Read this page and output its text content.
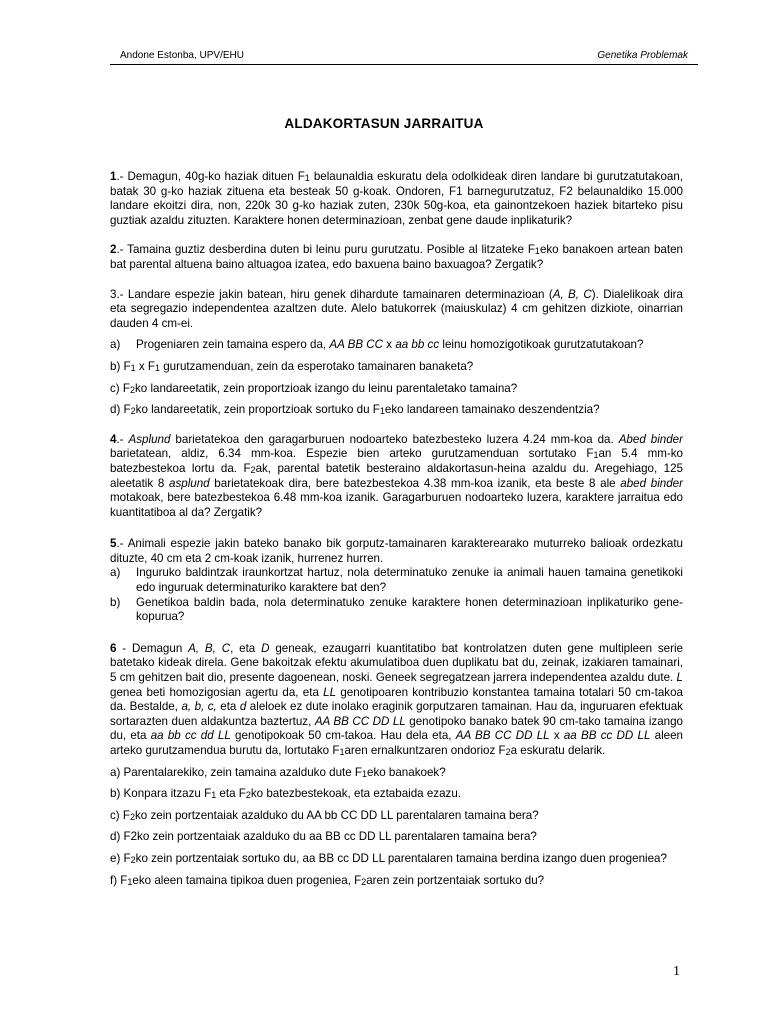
Andone Estonba, UPV/EHU	Genetika Problemak
ALDAKORTASUN JARRAITUA

1.- Demagun, 40g-ko haziak dituen $F_1$ belaunaldia eskuratu dela odolkideak diren landare bi gurutzatutakoan, batak 30 g-ko haziak zituena eta besteak 50 g-koak. Ondoren, F1 barnegurutzatuz, F2 belaunaldiko 15.000 landare ekoitzi dira, non, 220k 30 g-ko haziak zuten, 230k 50g-koa, eta gainontzekoen haziek bitarteko pisu guztiak azaldu zituzten. Karaktere honen determinazioan, zenbat gene daude inplikaturik?

2.- Tamaina guztiz desberdina duten bi leinu puru gurutzatu. Posible al litzateke $F_1eko$ banakoen artean baten bat parental altuena baino altuagoa izatea, edo baxuena baino baxuagoa? Zergatik?

3.- Landare espezie jakin batean, hiru genek dihardute tamainaren determinazioan (A, B, C). Dialelikoak dira eta segregazio independentea azaltzen dute. Alelo batukorrek (maiuskulaz) 4 cm gehitzen dizkiote, oinarrian dauden 4 cm-ei.

a)	Progeniaren zein tamaina espero da, AA BB CC x aa bb cc leinu homozigotikoak gurutzatutakoan?

b) $F_1$ x $F_1$ gurutzamenduan, zein da esperotako tamainaren banaketa?

c) $F_2ko$ landareetatik, zein proportzioak izango du leinu parentaletako tamaina?

d) $F_2ko$ landareetatik, zein proportzioak sortuko du $F_1eko$ landareen tamainako deszendentzia?

4.- Asplund barietatekoa den garagarburuen nodoarteko batezbesteko luzera 4.24 mm-koa da. Abed binder barietatean, aldiz, 6.34 mm-koa. Espezie bien arteko gurutzamenduan sortutako $F_1an$ 5.4 mm-ko batezbestekoa lortu da. $F_2ak$, parental batetik besteraino aldakortasun-heina azaldu du. Aregehiago, 125 aleetatik 8 asplund barietatekoak dira, bere batezbestekoa 4.38 mm-koa izanik, eta beste 8 ale abed binder motakoak, bere batezbestekoa 6.48 mm-koa izanik. Garagarburuen nodoarteko luzera, karaktere jarraitua edo kuantitatiboa al da? Zergatik?

5.- Animali espezie jakin bateko banako bik gorputz-tamainaren karakterearako muturreko balioak ordezkatu dituzte, 40 cm eta 2 cm-koak izanik, hurrenez hurren.

a)	Inguruko baldintzak iraunkortzat hartuz, nola determinatuko zenuke ia animali hauen tamaina genetikoki edo inguruak determinaturiko karaktere bat den?
b)	Genetikoa baldin bada, nola determinatuko zenuke karaktere honen determinazioan inplikaturiko gene-kopurua?

6 - Demagun A, B, C, eta D geneak, ezaugarri kuantitatibo bat kontrolatzen duten gene multipleen serie batetako kideak direla. Gene bakoitzak efektu akumulatiboa duen duplikatu bat du, zeinak, izakiaren tamainari, 5 cm gehitzen bait dio, presente dagoenean, noski. Geneek segregatzean jarrera independentea azaldu dute. L genea beti homozigosian agertu da, eta LL genotipoaren kontribuzio konstantea tamaina totalari 50 cm-takoa da. Bestalde, a, b, c, eta d aleloek ez dute inolako eraginik gorputzaren tamainan. Hau da, inguruaren efektuak sortarazten duen aldakuntza baztertuz, AA BB CC DD LL genotipoko banako batek 90 cm-tako tamaina izango du, eta aa bb cc dd LL genotipokoak 50 cm-takoa. Hau dela eta, AA BB CC DD LL x aa BB cc DD LL aleen arteko gurutzamendua burutu da, lortutako $F_1aren$ ernalkuntzaren ondorioz $F_2a$ eskuratu delarik.

a) Parentalarekiko, zein tamaina azalduko dute $F_1eko$ banakoek?

b) Konpara itzazu $F_1$ eta $F_2ko$ batezbestekoak, eta eztabaida ezazu.

c) $F_2ko$ zein portzentaiak azalduko du AA bb CC DD LL parentalaren tamaina bera?

d) F2ko zein portzentaiak azalduko du aa BB cc DD LL parentalaren tamaina bera?

e) $F_2ko$ zein portzentaiak sortuko du, aa BB cc DD LL parentalaren tamaina berdina izango duen progeniea?

f) $F_1eko$ aleen tamaina tipikoa duen progeniea, $F_2aren$ zein portzentaiak sortuko du?

1
